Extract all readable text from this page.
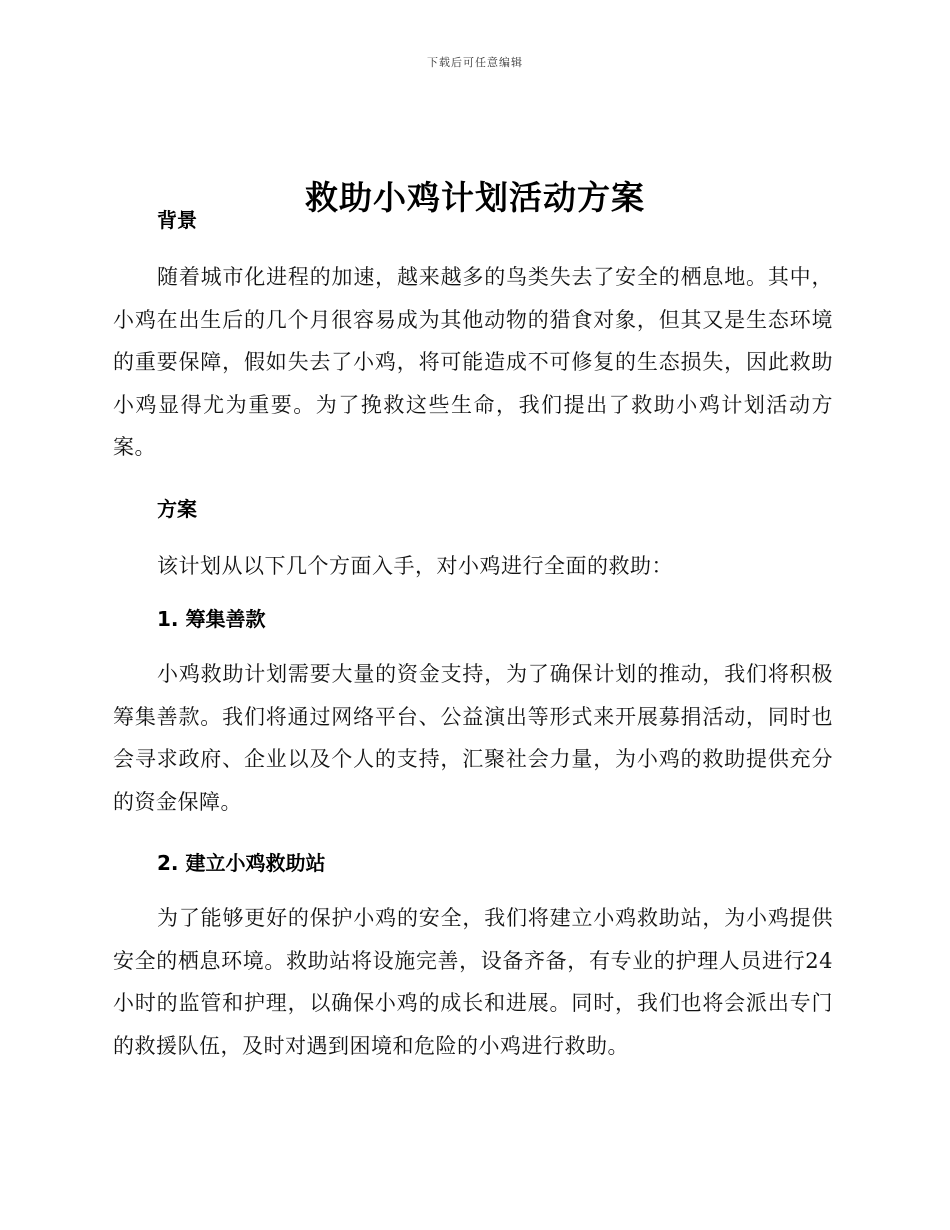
下载后可任意编辑
救助小鸡计划活动方案
背景

随着城市化进程的加速，越来越多的鸟类失去了安全的栖息地。其中，小鸡在出生后的几个月很容易成为其他动物的猎食对象，但其又是生态环境的重要保障，假如失去了小鸡，将可能造成不可修复的生态损失，因此救助小鸡显得尤为重要。为了挽救这些生命，我们提出了救助小鸡计划活动方案。

方案

该计划从以下几个方面入手，对小鸡进行全面的救助：

1. 筹集善款

小鸡救助计划需要大量的资金支持，为了确保计划的推动，我们将积极筹集善款。我们将通过网络平台、公益演出等形式来开展募捐活动，同时也会寻求政府、企业以及个人的支持，汇聚社会力量，为小鸡的救助提供充分的资金保障。

2. 建立小鸡救助站

为了能够更好的保护小鸡的安全，我们将建立小鸡救助站，为小鸡提供安全的栖息环境。救助站将设施完善，设备齐备，有专业的护理人员进行24小时的监管和护理，以确保小鸡的成长和进展。同时，我们也将会派出专门的救援队伍，及时对遇到困境和危险的小鸡进行救助。
